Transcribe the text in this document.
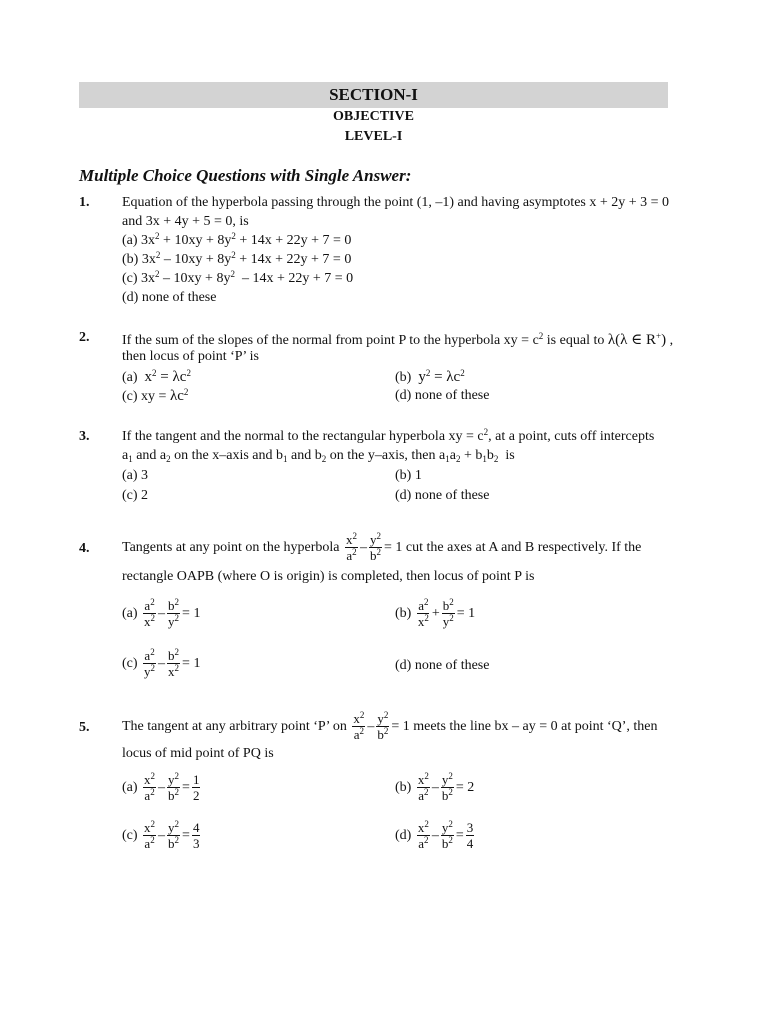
SECTION-I
OBJECTIVE
LEVEL-I
Multiple Choice Questions with Single Answer:
1. Equation of the hyperbola passing through the point (1, –1) and having asymptotes x + 2y + 3 = 0
and 3x + 4y + 5 = 0, is
(a) $3x^2 + 10xy + 8y^2 + 14x + 22y + 7 = 0$
(b) $3x^2 - 10xy + 8y^2 + 14x + 22y + 7 = 0$
(c) $3x^2 - 10xy + 8y^2 - 14x + 22y + 7 = 0$
(d) none of these
2. If the sum of the slopes of the normal from point P to the hyperbola xy = $c^2$ is equal to λ(λ ∈ R+) ,
then locus of point ‘P’ is
(a)  $x^2 = \lambda c^2$	(b)  $y^2 = \lambda c^2$
(c) xy = $\lambda c^2$	(d) none of these
3. If the tangent and the normal to the rectangular hyperbola xy = $c^2$, at a point, cuts off intercepts
$a_1$ and $a_2$ on the x–axis and $b_1$ and $b_2$ on the y–axis, then $a_1a_2 + b_1b_2$  is
(a) 3	(b) 1
(c) 2	(d) none of these
4. Tangents at any point on the hyperbola $\frac{x^2}{a^2} - \frac{y^2}{b^2} = 1$ cut the axes at A and B respectively. If the
rectangle OAPB (where O is origin) is completed, then locus of point P is
$(a) \frac{a^2}{x^2} - \frac{b^2}{y^2} = 1$	$(b) \frac{a^2}{x^2} + \frac{b^2}{y^2} = 1$
$(c) \frac{a^2}{y^2} - \frac{b^2}{x^2} = 1$	(d) none of these
5. The tangent at any arbitrary point ‘P’ on $\frac{x^2}{a^2} - \frac{y^2}{b^2} = 1$ meets the line bx – ay = 0 at point ‘Q’, then
locus of mid point of PQ is
$(a) \frac{x^2}{a^2} - \frac{y^2}{b^2} = \frac{1}{2}$	$(b) \frac{x^2}{a^2} - \frac{y^2}{b^2} = 2$
$(c) \frac{x^2}{a^2} - \frac{y^2}{b^2} = \frac{4}{3}$	$(d) \frac{x^2}{a^2} - \frac{y^2}{b^2} = \frac{3}{4}$
